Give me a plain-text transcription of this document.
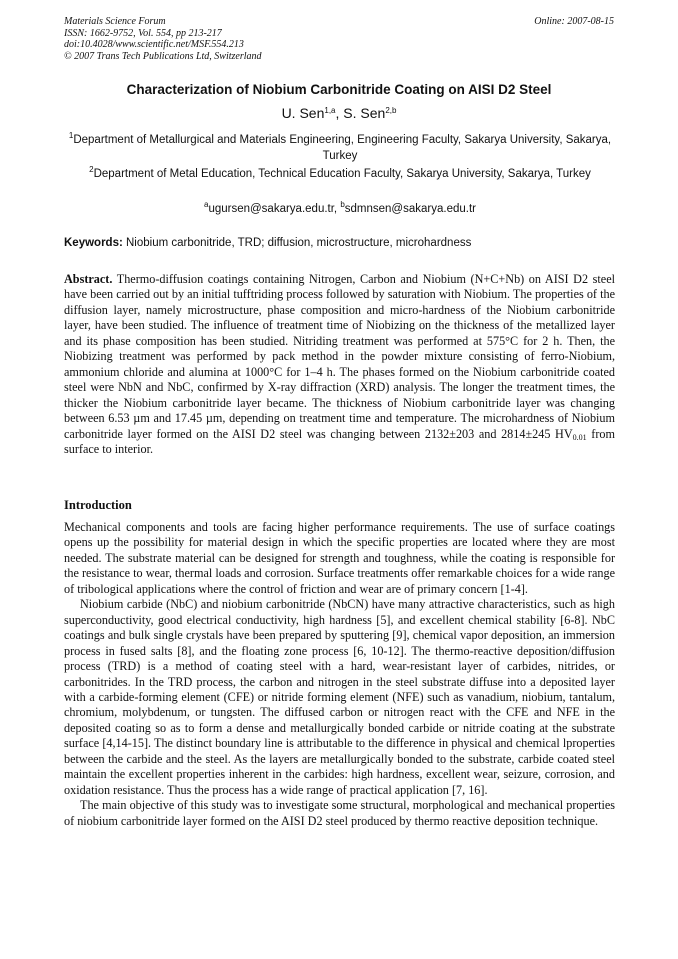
Materials Science Forum
ISSN: 1662-9752, Vol. 554, pp 213-217
doi:10.4028/www.scientific.net/MSF.554.213
© 2007 Trans Tech Publications Ltd, Switzerland
Online: 2007-08-15
Characterization of Niobium Carbonitride Coating on AISI D2 Steel
U. Sen$^{1,a}$, S. Sen$^{2,b}$
$^1$Department of Metallurgical and Materials Engineering, Engineering Faculty, Sakarya University, Sakarya, Turkey
$^2$Department of Metal Education, Technical Education Faculty, Sakarya University, Sakarya, Turkey
$^a$ugursen@sakarya.edu.tr, $^b$sdmnsen@sakarya.edu.tr
Keywords: Niobium carbonitride, TRD; diffusion, microstructure, microhardness
Abstract. Thermo-diffusion coatings containing Nitrogen, Carbon and Niobium (N+C+Nb) on AISI D2 steel have been carried out by an initial tufftriding process followed by saturation with Niobium. The properties of the diffusion layer, namely microstructure, phase composition and micro-hardness of the Niobium carbonitride layer, have been studied. The influence of treatment time of Niobizing on the thickness of the metallized layer and its phase composition has been studied. Nitriding treatment was performed at 575°C for 2 h. Then, the Niobizing treatment was performed by pack method in the powder mixture consisting of ferro-Niobium, ammonium chloride and alumina at 1000°C for 1–4 h. The phases formed on the Niobium carbonitride coated steel were NbN and NbC, confirmed by X-ray diffraction (XRD) analysis. The longer the treatment times, the thicker the Niobium carbonitride layer became. The thickness of Niobium carbonitride layer was changing between 6.53 µm and 17.45 µm, depending on treatment time and temperature. The microhardness of Niobium carbonitride layer formed on the AISI D2 steel was changing between 2132±203 and 2814±245 $HV_{0.01}$ from surface to interior.
Introduction

Mechanical components and tools are facing higher performance requirements. The use of surface coatings opens up the possibility for material design in which the specific properties are located where they are most needed. The substrate material can be designed for strength and toughness, while the coating is responsible for the resistance to wear, thermal loads and corrosion. Surface treatments offer remarkable choices for a wide range of tribological applications where the control of friction and wear are of primary concern [1-4].

Niobium carbide (NbC) and niobium carbonitride (NbCN) have many attractive characteristics, such as high superconductivity, good electrical conductivity, high hardness [5], and excellent chemical stability [6-8]. NbC coatings and bulk single crystals have been prepared by sputtering [9], chemical vapor deposition, an immersion process in fused salts [8], and the floating zone process [6, 10-12]. The thermo-reactive deposition/diffusion process (TRD) is a method of coating steel with a hard, wear-resistant layer of carbides, nitrides, or carbonitrides. In the TRD process, the carbon and nitrogen in the steel substrate diffuse into a deposited layer with a carbide-forming element (CFE) or nitride forming element (NFE) such as vanadium, niobium, tantalum, chromium, molybdenum, or tungsten. The diffused carbon or nitrogen react with the CFE and NFE in the deposited coating so as to form a dense and metallurgically bonded carbide or nitride coating at the substrate surface [4,14-15]. The distinct boundary line is attributable to the difference in physical and chemical lproperties between the carbide and the steel. As the layers are metallurgically bonded to the substrate, carbide coated steel maintain the excellent properties inherent in the carbides: high hardness, excellent wear, seizure, corrosion, and oxidation resistance. Thus the process has a wide range of practical application [7, 16].

The main objective of this study was to investigate some structural, morphological and mechanical properties of niobium carbonitride layer formed on the AISI D2 steel produced by thermo reactive deposition technique.
